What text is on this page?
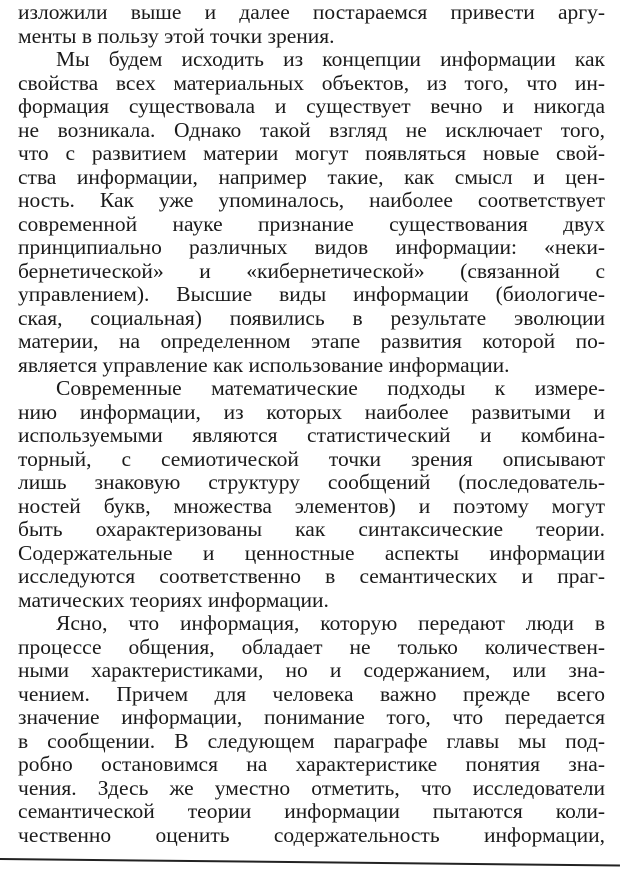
изложили выше и далее постараемся привести аргу-
менты в пользу этой точки зрения.
Мы будем исходить из концепции информации как
свойства всех материальных объектов, из того, что ин-
формация существовала и существует вечно и никогда
не возникала. Однако такой взгляд не исключает того,
что с развитием материи могут появляться новые свой-
ства информации, например такие, как смысл и цен-
ность. Как уже упоминалось, наиболее соответствует
современной науке признание существования двух
принципиально различных видов информации: «неки-
бернетической» и «кибернетической» (связанной с
управлением). Высшие виды информации (биологиче-
ская, социальная) появились в результате эволюции
материи, на определенном этапе развития которой по-
является управление как использование информации.
Современные математические подходы к измере-
нию информации, из которых наиболее развитыми и
используемыми являются статистический и комбина-
торный, с семиотической точки зрения описывают
лишь знаковую структуру сообщений (последователь-
ностей букв, множества элементов) и поэтому могут
быть охарактеризованы как синтаксические теории.
Содержательные и ценностные аспекты информации
исследуются соответственно в семантических и праг-
матических теориях информации.
Ясно, что информация, которую передают люди в
процессе общения, обладает не только количествен-
ными характеристиками, но и содержанием, или зна-
чением. Причем для человека важно прежде всего
значение информации, понимание того, что́ передается
в сообщении. В следующем параграфе главы мы под-
робно остановимся на характеристике понятия зна-
чения. Здесь же уместно отметить, что исследователи
семантической теории информации пытаются коли-
чественно оценить содержательность информации,
